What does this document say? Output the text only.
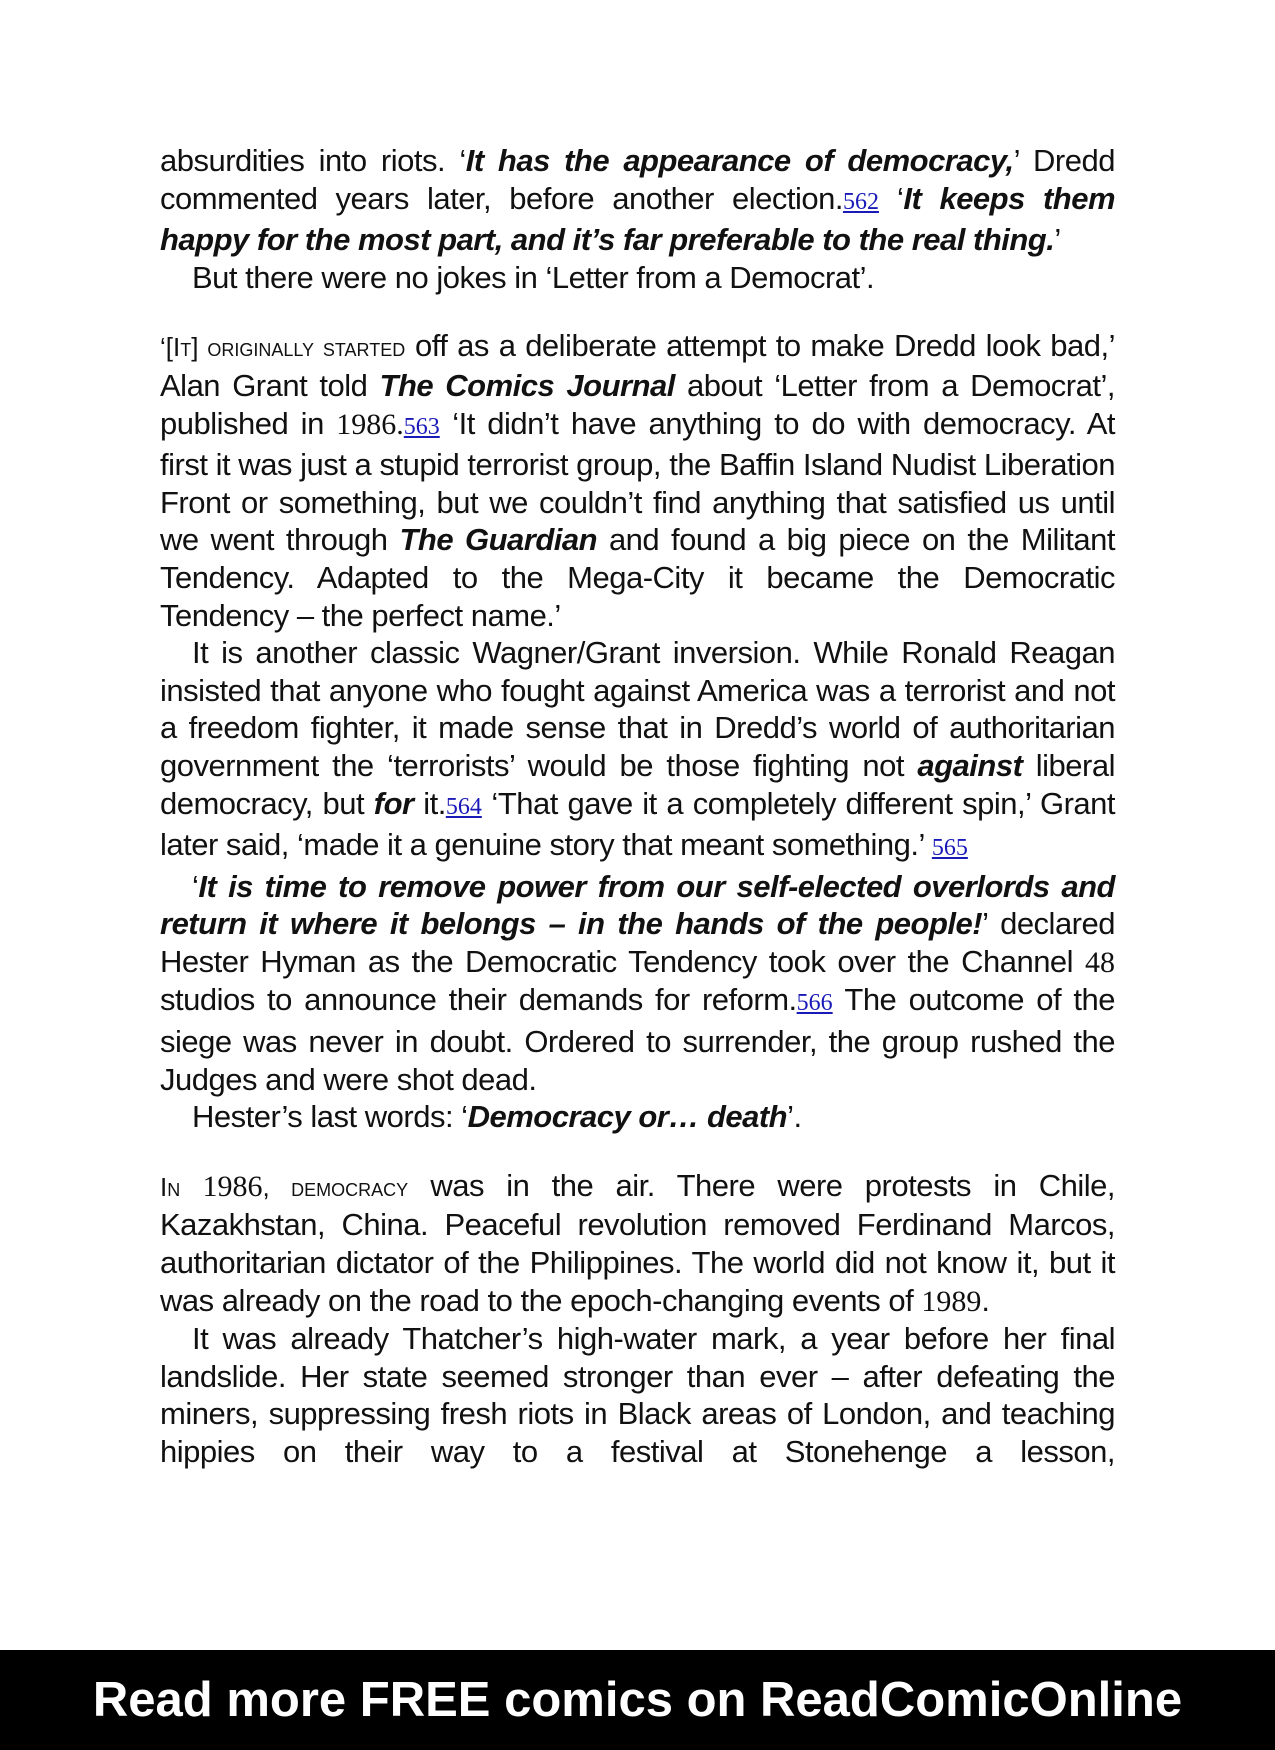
absurdities into riots. ‘It has the appearance of democracy,’ Dredd commented years later, before another election.562 ‘It keeps them happy for the most part, and it’s far preferable to the real thing.’

But there were no jokes in ‘Letter from a Democrat’.

‘[It] originally started off as a deliberate attempt to make Dredd look bad,’ Alan Grant told The Comics Journal about ‘Letter from a Democrat’, published in 1986.563 ‘It didn’t have anything to do with democracy. At first it was just a stupid terrorist group, the Baffin Island Nudist Liberation Front or something, but we couldn’t find anything that satisfied us until we went through The Guardian and found a big piece on the Militant Tendency. Adapted to the Mega-City it became the Democratic Tendency – the perfect name.’

It is another classic Wagner/Grant inversion. While Ronald Reagan insisted that anyone who fought against America was a terrorist and not a freedom fighter, it made sense that in Dredd’s world of authoritarian government the ‘terrorists’ would be those fighting not against liberal democracy, but for it.564 ‘That gave it a completely different spin,’ Grant later said, ‘made it a genuine story that meant something.’ 565

‘It is time to remove power from our self-elected overlords and return it where it belongs – in the hands of the people!’ declared Hester Hyman as the Democratic Tendency took over the Channel 48 studios to announce their demands for reform.566 The outcome of the siege was never in doubt. Ordered to surrender, the group rushed the Judges and were shot dead.

Hester’s last words: ‘Democracy or… death’.

In 1986, democracy was in the air. There were protests in Chile, Kazakhstan, China. Peaceful revolution removed Ferdinand Marcos, authoritarian dictator of the Philippines. The world did not know it, but it was already on the road to the epoch-changing events of 1989.

It was already Thatcher’s high-water mark, a year before her final landslide. Her state seemed stronger than ever – after defeating the miners, suppressing fresh riots in Black areas of London, and teaching hippies on their way to a festival at Stonehenge a lesson,

Read more FREE comics on ReadComicOnline
